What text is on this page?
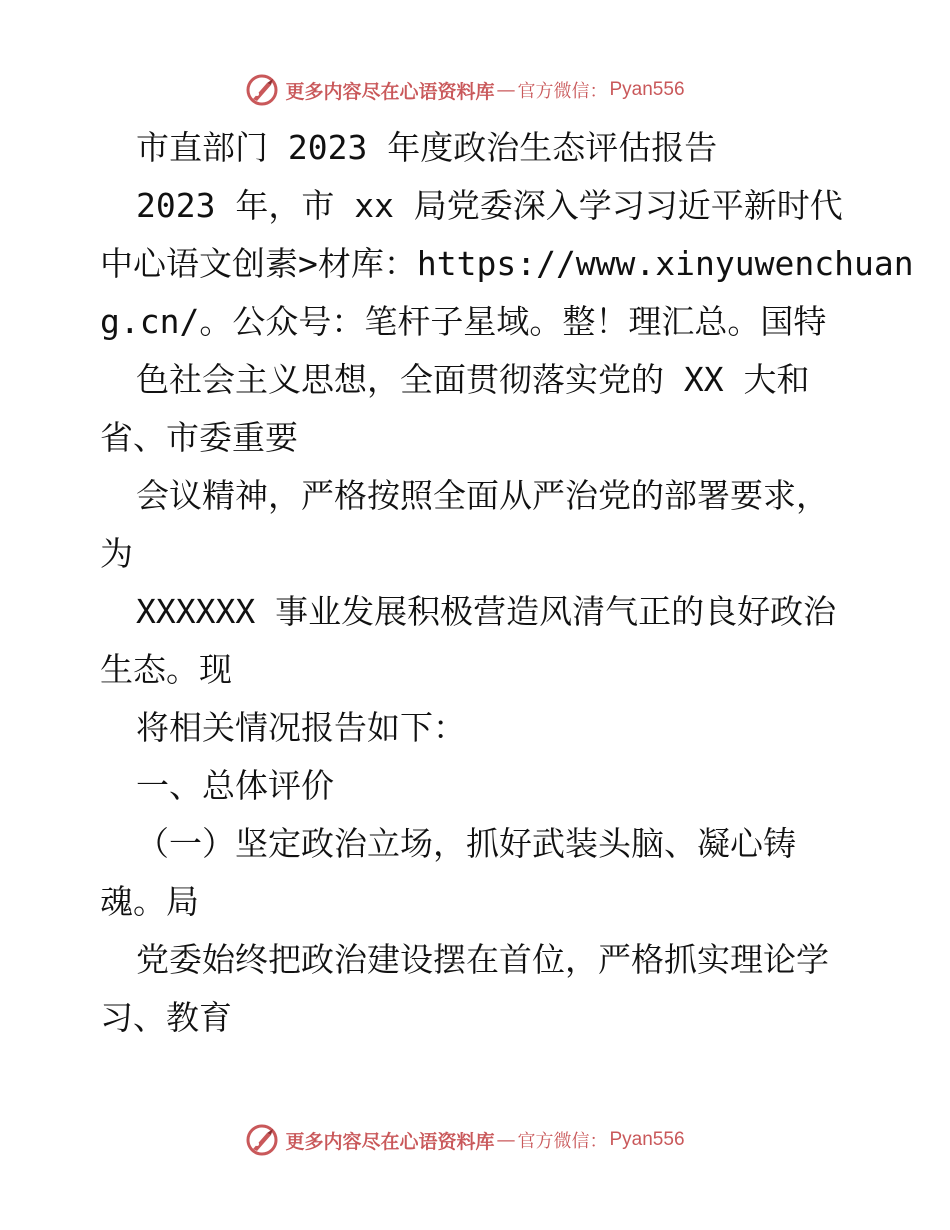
更多内容尽在心语资料库 — 官方微信： Pyan556
市直部门 2023 年度政治生态评估报告
2023 年，市 xx 局党委深入学习习近平新时代
中心语文创素>材库：https://www.xinyuwenchuan
g.cn/。公众号：笔杆子星域。整！理汇总。国特
色社会主义思想，全面贯彻落实党的 XX 大和
省、市委重要
会议精神，严格按照全面从严治党的部署要求，
为
XXXXXX 事业发展积极营造风清气正的良好政治
生态。现
将相关情况报告如下：
一、总体评价
（一）坚定政治立场，抓好武装头脑、凝心铸
魂。局
党委始终把政治建设摆在首位，严格抓实理论学
习、教育
更多内容尽在心语资料库 — 官方微信： Pyan556
